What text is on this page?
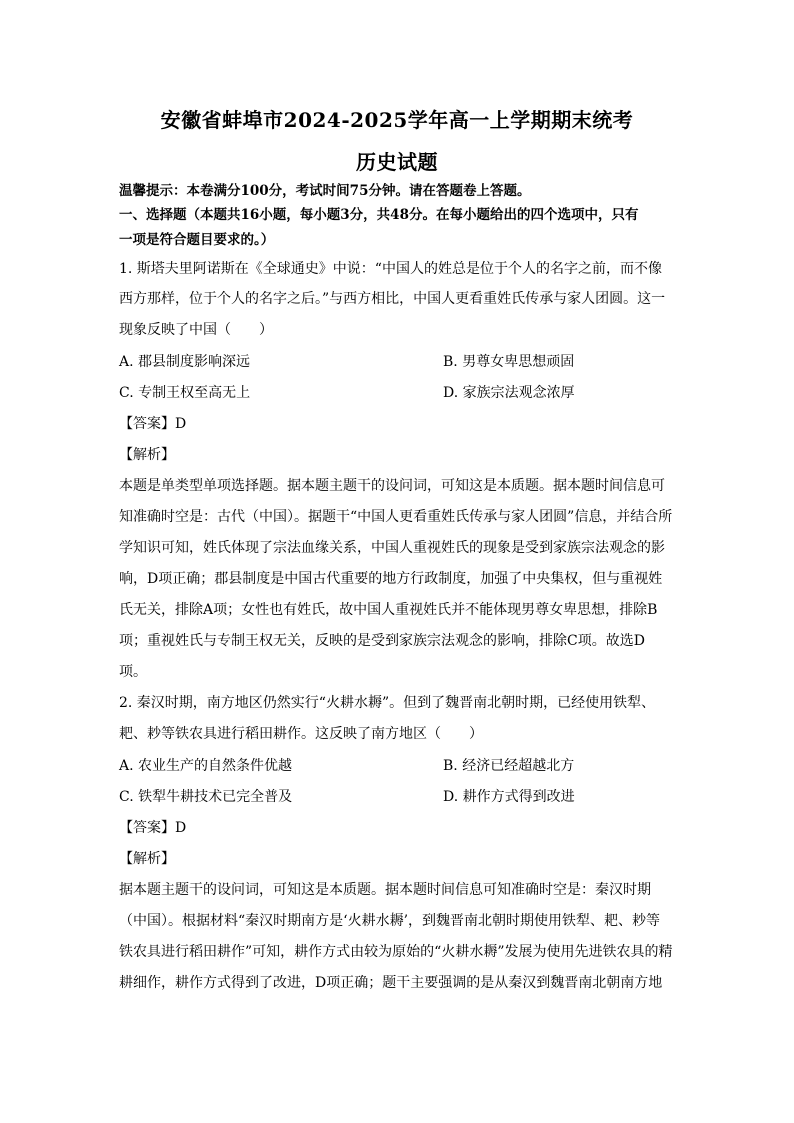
安徽省蚌埠市2024-2025学年高一上学期期末统考
历史试题
温馨提示：本卷满分100分，考试时间75分钟。请在答题卷上答题。
一、选择题（本题共16小题，每小题3分，共48分。在每小题给出的四个选项中，只有
一项是符合题目要求的。）
1. 斯塔夫里阿诺斯在《全球通史》中说：“中国人的姓总是位于个人的名字之前，而不像
西方那样，位于个人的名字之后。”与西方相比，中国人更看重姓氏传承与家人团圆。这一
现象反映了中国（　　）
A. 郡县制度影响深远	B. 男尊女卑思想顽固
C. 专制王权至高无上	D. 家族宗法观念浓厚
【答案】D
【解析】
本题是单类型单项选择题。据本题主题干的设问词，可知这是本质题。据本题时间信息可
知准确时空是：古代（中国）。据题干“中国人更看重姓氏传承与家人团圆”信息，并结合所
学知识可知，姓氏体现了宗法血缘关系，中国人重视姓氏的现象是受到家族宗法观念的影
响，D项正确；郡县制度是中国古代重要的地方行政制度，加强了中央集权，但与重视姓
氏无关，排除A项；女性也有姓氏，故中国人重视姓氏并不能体现男尊女卑思想，排除B
项；重视姓氏与专制王权无关，反映的是受到家族宗法观念的影响，排除C项。故选D
项。
2. 秦汉时期，南方地区仍然实行“火耕水耨”。但到了魏晋南北朝时期，已经使用铁犁、
耙、耖等铁农具进行稻田耕作。这反映了南方地区（　　）
A. 农业生产的自然条件优越	B. 经济已经超越北方
C. 铁犁牛耕技术已完全普及	D. 耕作方式得到改进
【答案】D
【解析】
据本题主题干的设问词，可知这是本质题。据本题时间信息可知准确时空是：秦汉时期
（中国）。根据材料“秦汉时期南方是‘火耕水耨’，到魏晋南北朝时期使用铁犁、耙、耖等
铁农具进行稻田耕作”可知，耕作方式由较为原始的“火耕水耨”发展为使用先进铁农具的精
耕细作，耕作方式得到了改进，D项正确；题干主要强调的是从秦汉到魏晋南北朝南方地
